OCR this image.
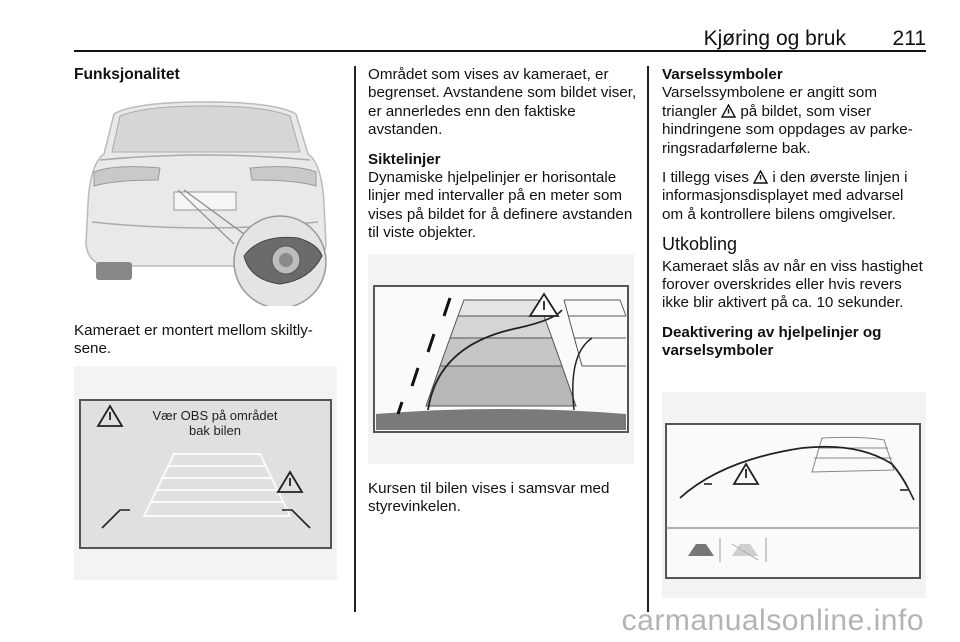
Kjøring og bruk 211
Funksjonalitet

Kameraet er montert mellom skiltlysene.

Vær OBS på området
bak bilen

Området som vises av kameraet, er begrenset. Avstandene som bildet viser, er annerledes enn den faktiske avstanden.

Siktelinjer

Dynamiske hjelpelinjer er horisontale linjer med intervaller på en meter som vises på bildet for å definere avstanden til viste objekter.

Kursen til bilen vises i samsvar med styrevinkelen.

Varselssymboler

Varselssymbolene er angitt som triangler på bildet, som viser hindringene som oppdages av parkeringsradarfølerne bak.

I tillegg vises i den øverste linjen i informasjonsdisplayet med advarsel om å kontrollere bilens omgivelser.

Utkobling

Kameraet slås av når en viss hastighet forover overskrides eller hvis revers ikke blir aktivert på ca. 10 sekunder.

Deaktivering av hjelpelinjer og varselsymboler
carmanualsonline.info
